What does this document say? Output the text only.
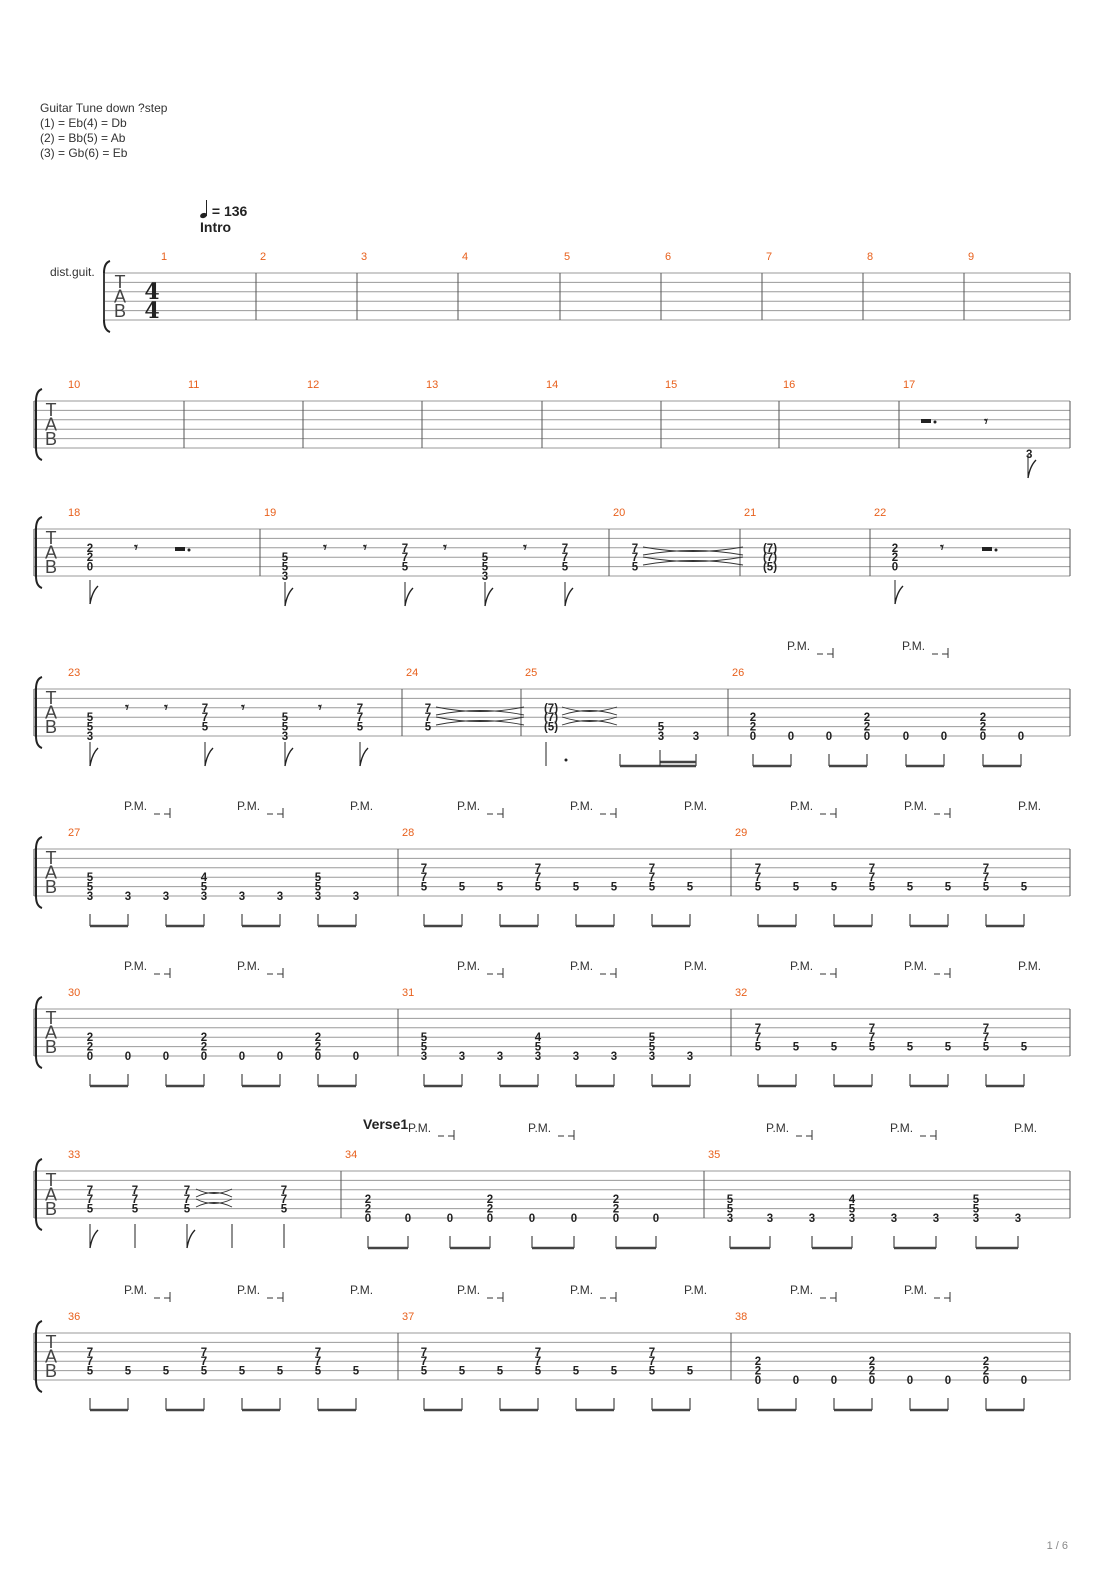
Guitar Tune down ?step
(1) = Eb(4) = Db
(2) = Bb(5) = Ab
(3) = Gb(6) = Eb
= 136
Intro
Verse1
dist.guit.
1 / 6
T
A
B
1	2	3	4	5	6	7	8	9
T
A
B
10	11	12	13	14	15	16	17
T
A
B
18	19	20	21	22
T
A
B
23	24	25	26
T
A
B
27	28	29
T
A
B
30	31	32
T
A
B
33	34	35
T
A
B
36	37	38
4
4
𝄾
3
2
2
0
𝄾
5
5
3
𝄾	𝄾	7
7
5
𝄾
5
5
3
𝄾	7
7
5
7
7
5
(7)
(7)
(5)
2
2
0
𝄾
5
5
3
7
7
5
5
5
3
7
7
5
𝄾	𝄾	𝄾	𝄾	7
7
5
(7)
(7)
(5)	5
3 3
P.M.	P.M.
2
2
0	0	0
2
2
0	0	0
2
2
0	0
5
5
3	3	3
4
5
3	3	3
5
5
3	3
P.M.	P.M.	P.M.
7
7
5	5	5
7
7
5	5	5
7
7
5	5
P.M.	P.M.	P.M.
7
7
5	5	5
7
7
5	5	5
7
7
5	5
P.M.	P.M.	P.M.
2
2
0	0	0
2
2
0	0	0
2
2
0	0
P.M.	P.M.
5
5
3	3	3
4
5
3	3	3
5
5
3	3
P.M.	P.M.	P.M.
7
7
5	5	5
7
7
5	5	5
7
7
5	5
P.M.	P.M.	P.M.
7
7
5
7
7
5
7
7
5
7
7
5
2
2
0	0	0
2
2
0	0	0
2
2
0	0
P.M.	P.M.
5
5
3	3	3
4
5
3	3	3
5
5
3	3
P.M.	P.M.	P.M.
7
7
5	5	5
7
7
5	5	5
7
7
5	5
P.M.	P.M.	P.M.
7
7
5	5	5
7
7
5	5	5
7
7
5	5
P.M.	P.M.	P.M.
2
2
0	0	0
2
2
0	0	0
2
2
0	0
P.M.	P.M.
